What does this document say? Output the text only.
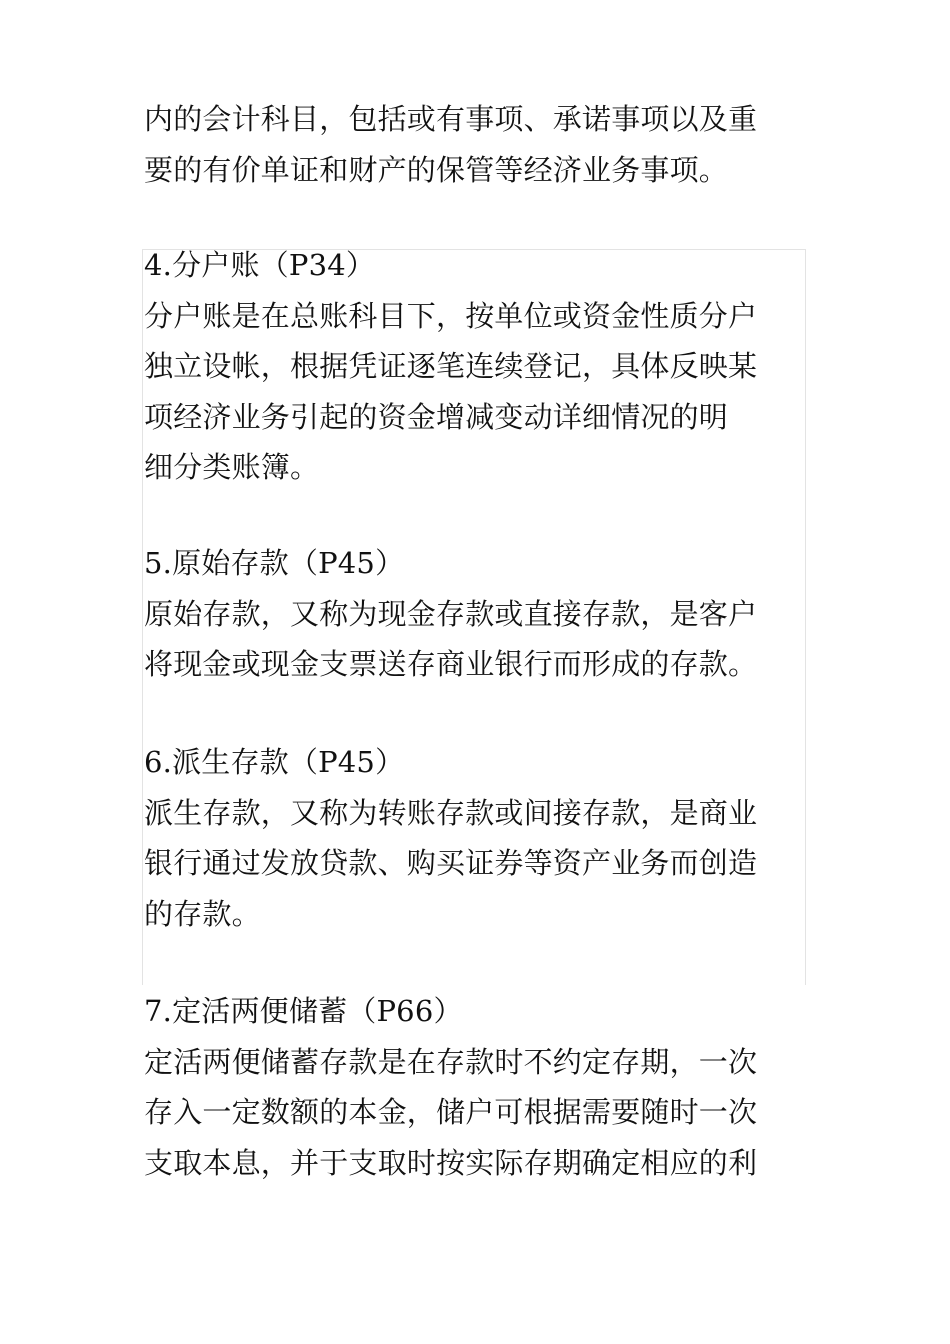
内的会计科目，包括或有事项、承诺事项以及重
要的有价单证和财产的保管等经济业务事项。
4.分户账（P34）
分户账是在总账科目下，按单位或资金性质分户
独立设帐，根据凭证逐笔连续登记，具体反映某
项经济业务引起的资金增减变动详细情况的明
细分类账簿。
5.原始存款（P45）
原始存款，又称为现金存款或直接存款，是客户
将现金或现金支票送存商业银行而形成的存款。
6.派生存款（P45）
派生存款，又称为转账存款或间接存款，是商业
银行通过发放贷款、购买证券等资产业务而创造
的存款。
7.定活两便储蓄（P66）
定活两便储蓄存款是在存款时不约定存期，一次
存入一定数额的本金，储户可根据需要随时一次
支取本息，并于支取时按实际存期确定相应的利
